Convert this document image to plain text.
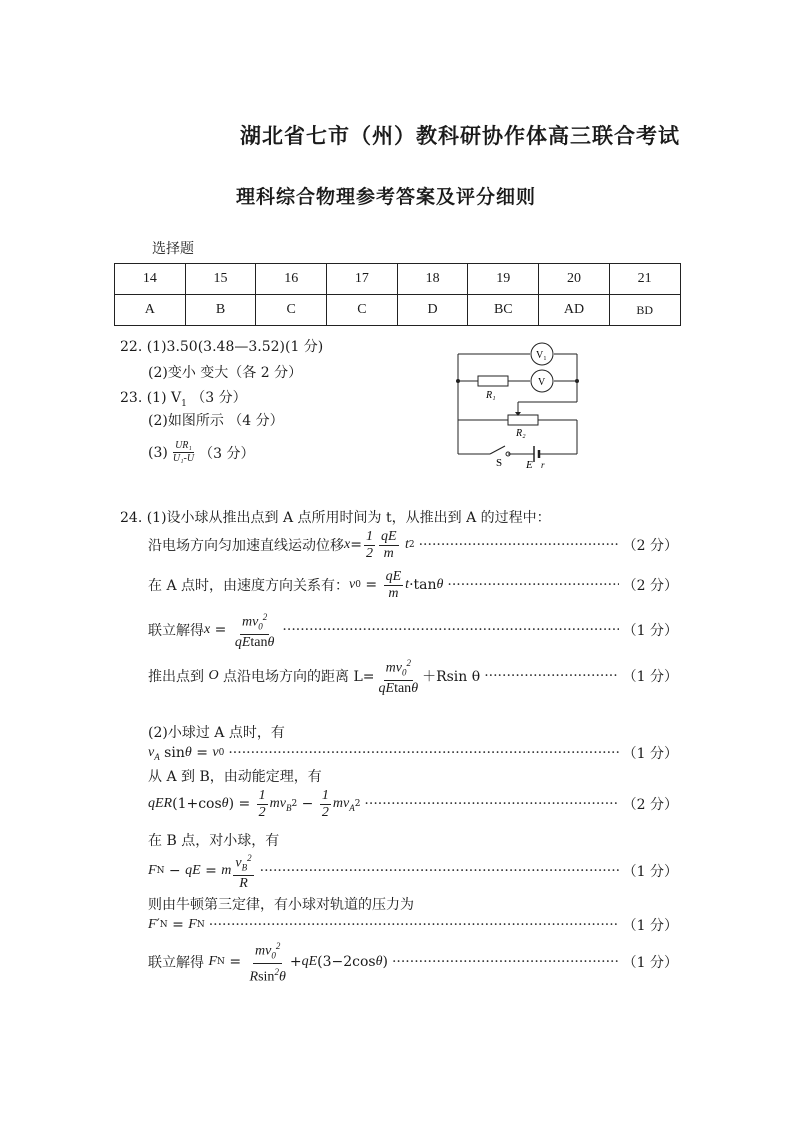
湖北省七市（州）教科研协作体高三联合考试
理科综合物理参考答案及评分细则
选择题
14	15	16	17	18	19	20	21
A	B	C	C	D	BC	AD	BD
22. (1)3.50(3.48—3.52)(1 分)
(2)变小 变大（各 2 分）
23. (1) $V_1$ （3 分）
(2)如图所示 （4 分）
$(3) \frac{\text{UR₁}}{\text{U₁-U}} (3$ 分）
V₁
V
R₁
R₂
S E r
24. (1)设小球从推出点到 A 点所用时间为 t，从推出到 A 的过程中：
沿电场方向匀加速直线运动位移 $x = \frac{1}{2} \frac{qE}{m}$
t 2 ·····	（2 分）
在 A 点时，由速度方向关系有： v $0 = \frac{qE}{m}$ t ·tan θ ·····	（2 分）
联立解得 $x = \frac{mv_0^2}{qEtan\theta}$ ·····	（1 分）
推出点到
O
点沿电场方向的距离 $L= \frac{mv_0^2}{qEtan\theta} +Rsin$ θ ·····	（1 分）
(2)小球过 A 点时，有
$v_A$ sin θ = v 0 ·····	（1 分）
从 A 到 B，由动能定理，有
qER (1+cos θ ) = $\frac{1}{2} mv_B$ $2 - \frac{1}{2} mv_A$ 2 ·····	（2 分）
在 B 点，对小球，有
F N − qE = m $\frac{v_B^2}{R}$ ·····	（1 分）
则由牛顿第三定律，有小球对轨道的压力为
F ′ N = F N ·····	（1 分）
联立解得
F $N = \frac{mv_0^2}{Rsin^2\theta}$ + qE (3−2cos θ ) ·····	（1 分）
